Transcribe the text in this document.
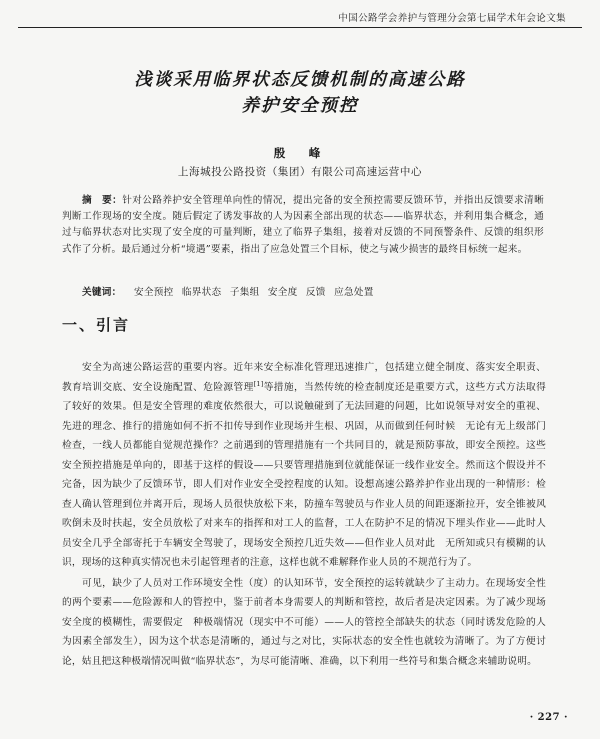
中国公路学会养护与管理分会第七届学术年会论文集
浅谈采用临界状态反馈机制的高速公路
养护安全预控
殷　峰
上海城投公路投资（集团）有限公司高速运营中心

摘　要：针对公路养护安全管理单向性的情况，提出完备的安全预控需要反馈环节，并指出反馈要求清晰判断工作现场的安全度。随后假定了诱发事故的人为因素全部出现的状态——临界状态，并利用集合概念，通过与临界状态对比实现了安全度的可量判断，建立了临界子集组，接着对反馈的不同预警条件、反馈的组织形式作了分析。最后通过分析“境遇”要素，指出了应急处置三个目标，使之与减少损害的最终目标统一起来。

关键词： 安全预控 临界状态 子集组 安全度 反馈 应急处置
一、引言

安全为高速公路运营的重要内容。近年来安全标准化管理迅速推广，包括建立健全制度、落实安全职责、教育培训交底、安全设施配置、危险源管理[1]等措施，当然传统的检查制度还是重要方式，这些方式方法取得了较好的效果。但是安全管理的难度依然很大，可以说触碰到了无法回避的问题，比如说领导对安全的重视、先进的理念、推行的措施如何不折不扣传导到作业现场并生根、巩固，从而做到任何时候　无论有无上级部门检查，一线人员都能自觉规范操作？之前遇到的管理措施有一个共同目的，就是预防事故，即安全预控。这些安全预控措施是单向的，即基于这样的假设——只要管理措施到位就能保证一线作业安全。然而这个假设并不完备，因为缺少了反馈环节，即人们对作业安全受控程度的认知。设想高速公路养护作业出现的一种情形：检查人确认管理到位并离开后，现场人员很快放松下来，防撞车驾驶员与作业人员的间距逐渐拉开，安全锥被风吹倒未及时扶起，安全员放松了对来车的指挥和对工人的监督，工人在防护不足的情况下埋头作业——此时人员安全几乎全部寄托于车辆安全驾驶了，现场安全预控几近失效——但作业人员对此　无所知或只有模糊的认识，现场的这种真实情况也未引起管理者的注意，这样也就不难解释作业人员的不规范行为了。

可见，缺少了人员对工作环境安全性（度）的认知环节，安全预控的运转就缺少了主动力。在现场安全性的两个要素——危险源和人的管控中，鉴于前者本身需要人的判断和管控，故后者是决定因素。为了减少现场安全度的模糊性，需要假定　种极端情况（现实中不可能）——人的管控全部缺失的状态（同时诱发危险的人为因素全部发生），因为这个状态是清晰的，通过与之对比，实际状态的安全性也就较为清晰了。为了方便讨论，姑且把这种极端情况叫做“临界状态”，为尽可能清晰、准确，以下利用一些符号和集合概念来辅助说明。

· 227 ·
